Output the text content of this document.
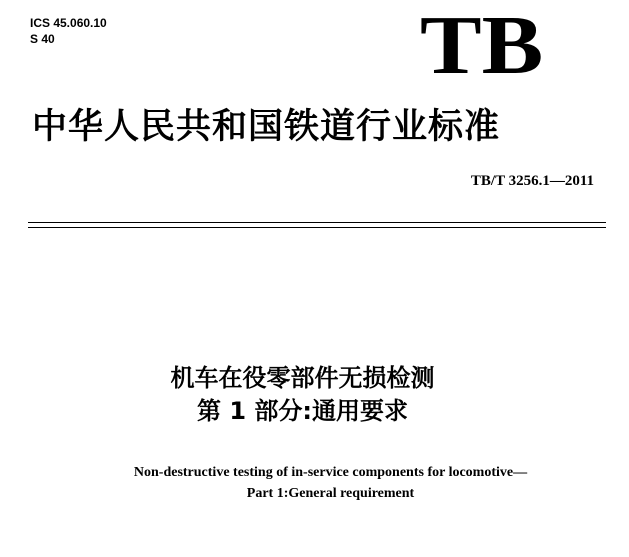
ICS 45.060.10
S 40	TB
中华人民共和国铁道行业标准
TB/T 3256.1—2011
机车在役零部件无损检测
第 1 部分:通用要求
Non-destructive testing of in-service components for locomotive—
Part 1:General requirement
